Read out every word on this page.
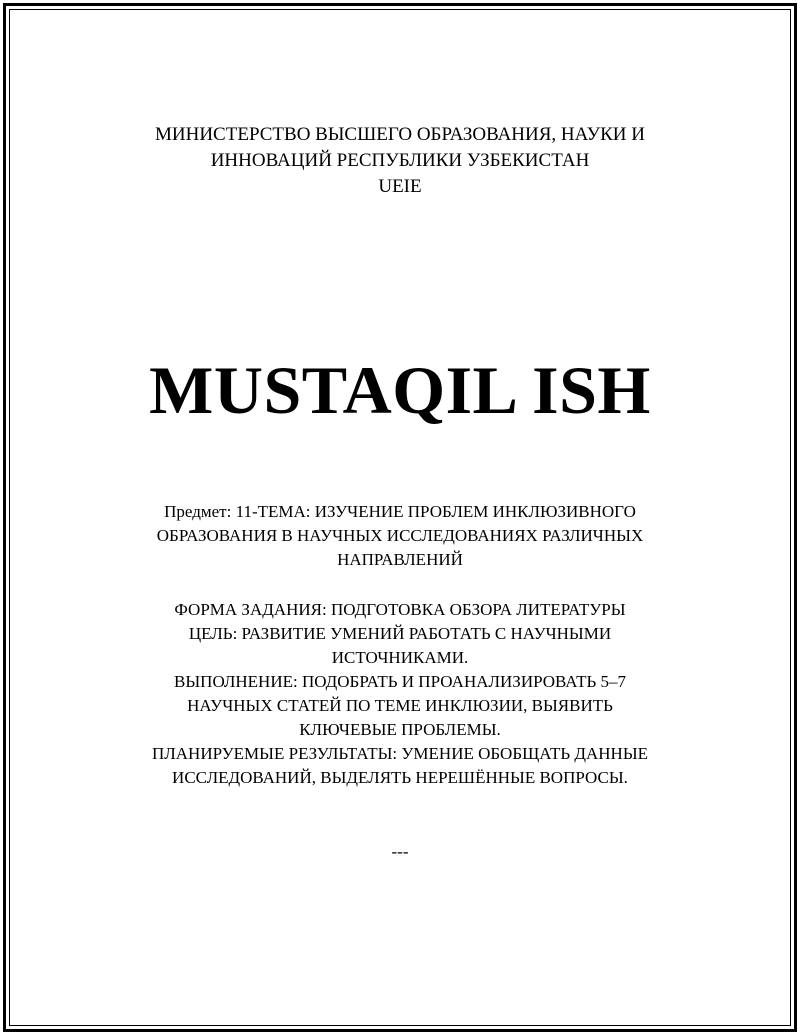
МИНИСТЕРСТВО ВЫСШЕГО ОБРАЗОВАНИЯ, НАУКИ И
ИННОВАЦИЙ РЕСПУБЛИКИ УЗБЕКИСТАН
UEIE
MUSTAQIL ISH
Предмет: 11-ТЕМА: ИЗУЧЕНИЕ ПРОБЛЕМ ИНКЛЮЗИВНОГО
ОБРАЗОВАНИЯ В НАУЧНЫХ ИССЛЕДОВАНИЯХ РАЗЛИЧНЫХ
НАПРАВЛЕНИЙ
ФОРМА ЗАДАНИЯ: ПОДГОТОВКА ОБЗОРА ЛИТЕРАТУРЫ
ЦЕЛЬ: РАЗВИТИЕ УМЕНИЙ РАБОТАТЬ С НАУЧНЫМИ
ИСТОЧНИКАМИ.
ВЫПОЛНЕНИЕ: ПОДОБРАТЬ И ПРОАНАЛИЗИРОВАТЬ 5–7
НАУЧНЫХ СТАТЕЙ ПО ТЕМЕ ИНКЛЮЗИИ, ВЫЯВИТЬ
КЛЮЧЕВЫЕ ПРОБЛЕМЫ.
ПЛАНИРУЕМЫЕ РЕЗУЛЬТАТЫ: УМЕНИЕ ОБОБЩАТЬ ДАННЫЕ
ИССЛЕДОВАНИЙ, ВЫДЕЛЯТЬ НЕРЕШЁННЫЕ ВОПРОСЫ.
---
